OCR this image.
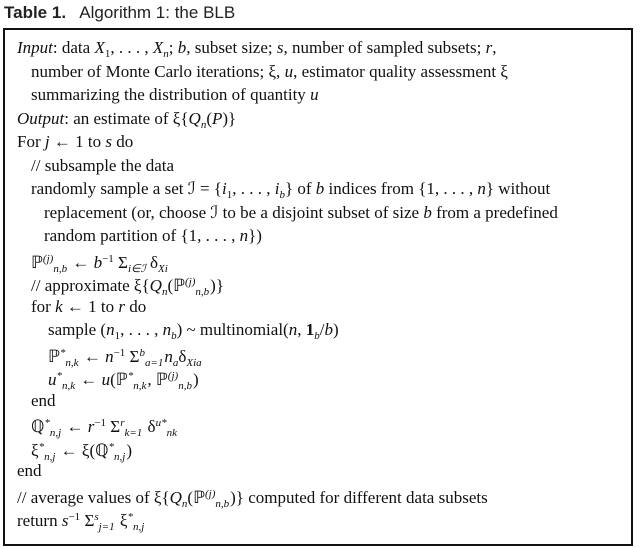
Table 1. Algorithm 1: the BLB
Input: data $X_1$, . . . , $X_n$; b, subset size; s, number of sampled subsets; r,
number of Monte Carlo iterations; ξ, u, estimator quality assessment ξ
summarizing the distribution of quantity u
Output: an estimate of $\xi\{Q_n(P)\}$
For j ← 1 to s do
// subsample the data
randomly sample a set ℐ = {$i_1$, . . . , $i_b$} of b indices from {1, . . . , n} without
replacement (or, choose ℐ to be a disjoint subset of size b from a predefined
random partition of {1, . . . , n})
ℙ$^{(j)}_{n,b}$ ← $b^{-1}$ $\Sigma_{i\in ℐ}$ $\delta_{Xi}$
// approximate $\xi\{Q_n(ℙ^{(j)}_{n,b})\}$
for k ← 1 to r do
sample ($n_1$, . . . , $n_b$) ~ multinomial(n, $1_b/b$)
ℙ*$_{n,k}$ ← $n^{-1}$ $\Sigma^b_{a=1}n_a\delta_{Xia}$
$u^*_{n,k}$ ← u(ℙ*$_{n,k}$, ℙ$^{(j)}_{n,b}$)
end
ℚ*$_{n,j}$ ← $r^{-1}$ $\Sigma^r_{k=1}$ $\delta^{u*}_{nk}$
$\xi^*_{n,j}$ ← ξ(ℚ*$_{n,j}$)
end
// average values of $\xi\{Q_n(ℙ^{(j)}_{n,b})\}$ computed for different data subsets
return $s^{-1}$ $\Sigma^s_{j=1}$ $\xi^*_{n,j}$
